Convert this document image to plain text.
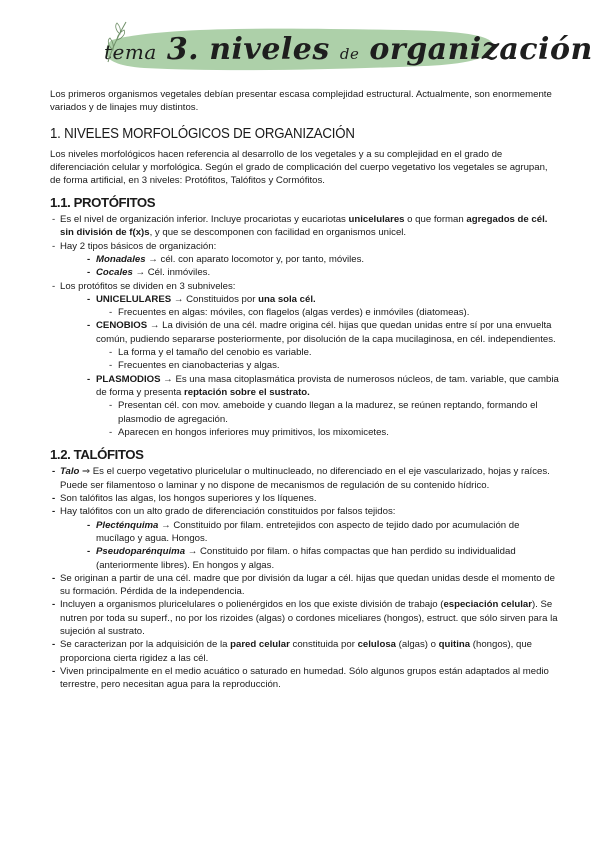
tema 3. niveles de organización

Los primeros organismos vegetales debían presentar escasa complejidad estructural. Actualmente, son enormemente variados y de linajes muy distintos.

1. NIVELES MORFOLÓGICOS DE ORGANIZACIÓN

Los niveles morfológicos hacen referencia al desarrollo de los vegetales y a su complejidad en el grado de diferenciación celular y morfológica. Según el grado de complicación del cuerpo vegetativo los vegetales se agrupan, de forma artificial, en 3 niveles: Protófitos, Talófitos y Cormófitos.

1.1. PROTÓFITOS
- Es el nivel de organización inferior. Incluye procariotas y eucariotas unicelulares o que forman agregados de cél. sin división de f(x)s, y que se descomponen con facilidad en organismos unicel.
- Hay 2 tipos básicos de organización:
- Monadales → cél. con aparato locomotor y, por tanto, móviles.
- Cocales → Cél. inmóviles.
- Los protófitos se dividen en 3 subniveles:
- UNICELULARES → Constituidos por una sola cél.
- Frecuentes en algas: móviles, con flagelos (algas verdes) e inmóviles (diatomeas).
- CENOBIOS → La división de una cél. madre origina cél. hijas que quedan unidas entre sí por una envuelta común, pudiendo separarse posteriormente, por disolución de la capa mucilaginosa, en cél. independientes.
- La forma y el tamaño del cenobio es variable.
- Frecuentes en cianobacterias y algas.
- PLASMODIOS → Es una masa citoplasmática provista de numerosos núcleos, de tam. variable, que cambia de forma y presenta reptación sobre el sustrato.
- Presentan cél. con mov. ameboide y cuando llegan a la madurez, se reúnen reptando, formando el plasmodio de agregación.
- Aparecen en hongos inferiores muy primitivos, los mixomicetes.
1.2. TALÓFITOS
- Talo ⇒ Es el cuerpo vegetativo pluricelular o multinucleado, no diferenciado en el eje vascularizado, hojas y raíces. Puede ser filamentoso o laminar y no dispone de mecanismos de regulación de su contenido hídrico.
- Son talófitos las algas, los hongos superiores y los líquenes.
- Hay talófitos con un alto grado de diferenciación constituidos por falsos tejidos:
- Plecténquima → Constituido por filam. entretejidos con aspecto de tejido dado por acumulación de mucílago y agua. Hongos.
- Pseudoparénquima → Constituido por filam. o hifas compactas que han perdido su individualidad (anteriormente libres). En hongos y algas.
- Se originan a partir de una cél. madre que por división da lugar a cél. hijas que quedan unidas desde el momento de su formación. Pérdida de la independencia.
- Incluyen a organismos pluricelulares o polienérgidos en los que existe división de trabajo (especiación celular). Se nutren por toda su superf., no por los rizoides (algas) o cordones miceliares (hongos), estruct. que sólo sirven para la sujeción al sustrato.
- Se caracterizan por la adquisición de la pared celular constituida por celulosa (algas) o quitina (hongos), que proporciona cierta rigidez a las cél.
- Viven principalmente en el medio acuático o saturado en humedad. Sólo algunos grupos están adaptados al medio terrestre, pero necesitan agua para la reproducción.
